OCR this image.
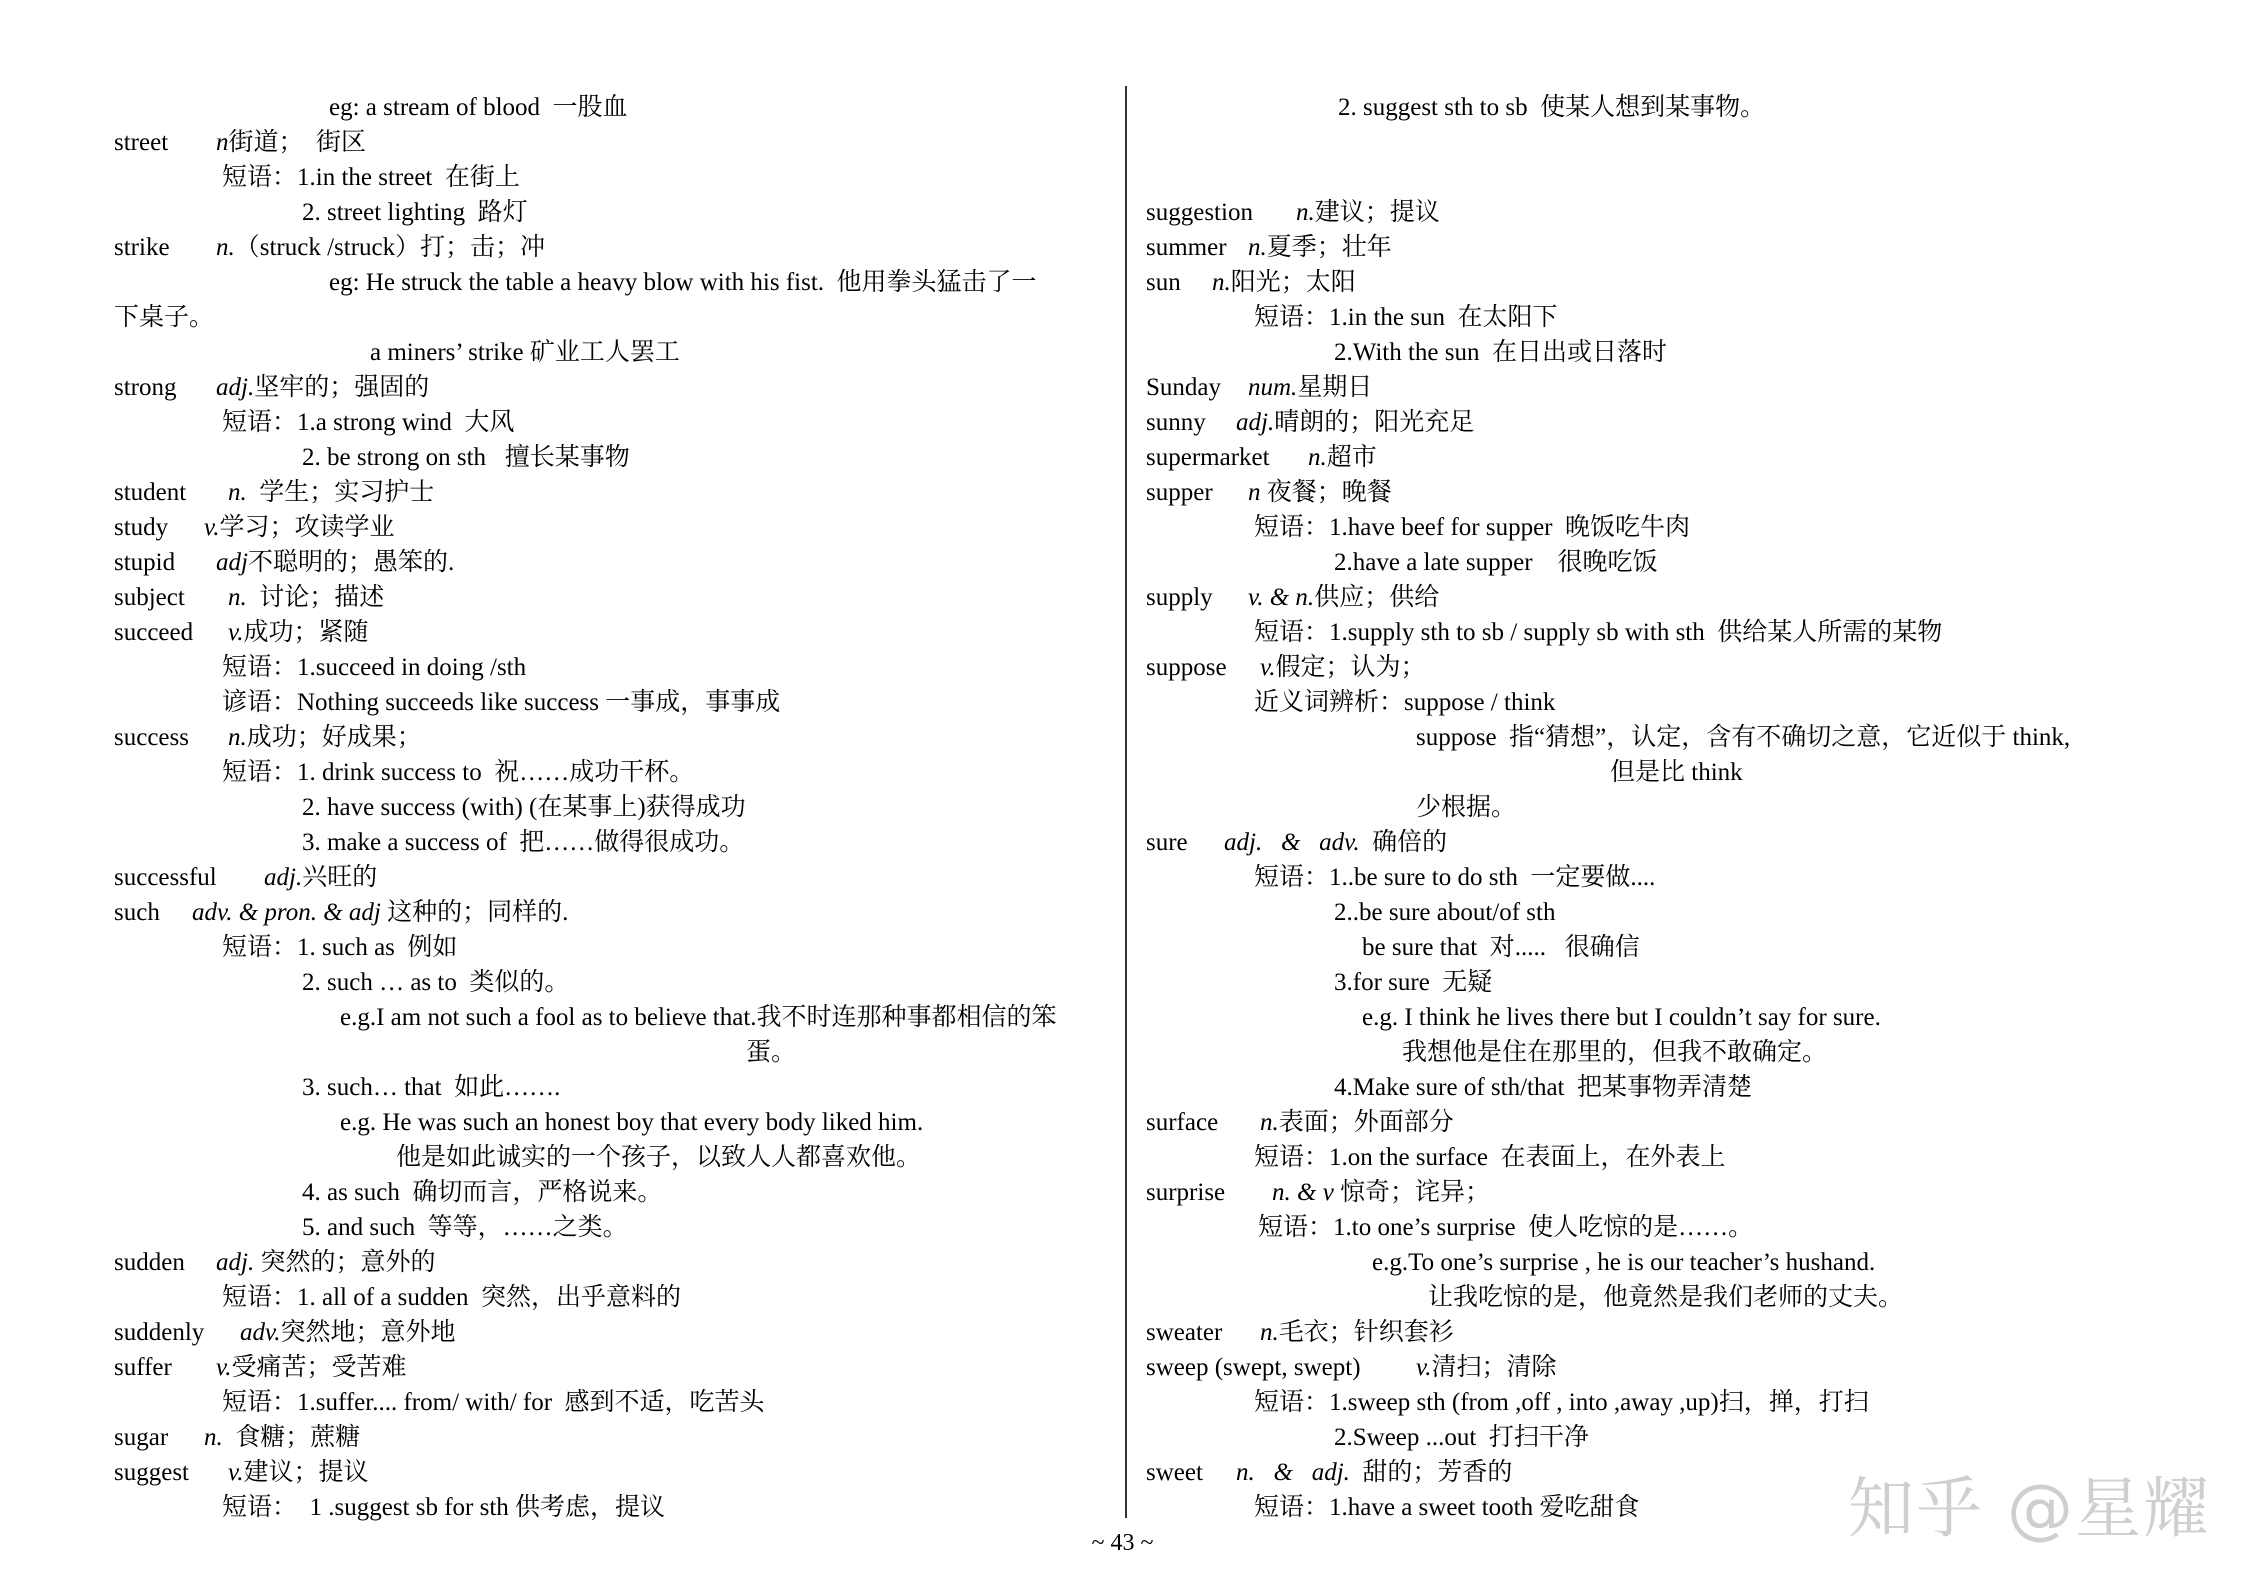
eg: a stream of blood  一股血
street n街道；  街区
短语：1.in the street  在街上
2. street lighting  路灯
strike n.（struck /struck）打；击；冲
eg: He struck the table a heavy blow with his fist.  他用拳头猛击了一
下桌子。
a miners’ strike 矿业工人罢工
strong adj.坚牢的；强固的
短语：1.a strong wind  大风
2. be strong on sth   擅长某事物
student n.  学生；实习护士
study v.学习；攻读学业
stupid adj不聪明的；愚笨的.
subject n.  讨论；描述
succeed v.成功；紧随
短语：1.succeed in doing /sth
谚语：Nothing succeeds like success 一事成，事事成
success n.成功；好成果；
短语：1. drink success to  祝……成功干杯。
2. have success (with) (在某事上)获得成功
3. make a success of  把……做得很成功。
successful adj.兴旺的
such adv. & pron. & adj 这种的；同样的.
短语：1. such as  例如
2. such … as to  类似的。
e.g.I am not such a fool as to believe that.我不时连那种事都相信的笨
蛋。
3. such… that  如此…….
e.g. He was such an honest boy that every body liked him.
他是如此诚实的一个孩子，以致人人都喜欢他。
4. as such  确切而言，严格说来。
5. and such  等等，……之类。
sudden adj. 突然的；意外的
短语：1. all of a sudden  突然，出乎意料的
suddenly adv.突然地；意外地
suffer v.受痛苦；受苦难
短语：1.suffer.... from/ with/ for  感到不适，吃苦头
sugar n.  食糖；蔗糖
suggest v.建议；提议
短语：  1 .suggest sb for sth 供考虑，提议
2. suggest sth to sb  使某人想到某事物。
suggestion n.建议；提议
summer n.夏季；壮年
sun n.阳光；太阳
短语：1.in the sun  在太阳下
2.With the sun  在日出或日落时
Sunday num.星期日
sunny adj.晴朗的；阳光充足
supermarket n.超市
supper n 夜餐；晚餐
短语：1.have beef for supper  晚饭吃牛肉
2.have a late supper    很晚吃饭
supply v. & n.供应；供给
短语：1.supply sth to sb / supply sb with sth  供给某人所需的某物
suppose v.假定；认为；
近义词辨析：suppose / think
suppose  指“猜想”，认定，含有不确切之意，它近似于 think,
但是比 think
少根据。
sure adj.   &   adv.  确倍的
短语：1..be sure to do sth  一定要做....
2..be sure about/of sth
be sure that  对.....   很确信
3.for sure  无疑
e.g. I think he lives there but I couldn’t say for sure.
我想他是住在那里的，但我不敢确定。
4.Make sure of sth/that  把某事物弄清楚
surface n.表面；外面部分
短语：1.on the surface  在表面上，在外表上
surprise n. & v 惊奇；诧异；
短语：1.to one’s surprise  使人吃惊的是……。
e.g.To one’s surprise , he is our teacher’s hushand.
让我吃惊的是，他竟然是我们老师的丈夫。
sweater n.毛衣；针织套衫
sweep (swept, swept) v.清扫；清除
短语：1.sweep sth (from ,off , into ,away ,up)扫，掸，打扫
2.Sweep ...out  打扫干净
sweet n.   &   adj.  甜的；芳香的
短语：1.have a sweet tooth 爱吃甜食
~ 43 ~	知乎 @星耀
